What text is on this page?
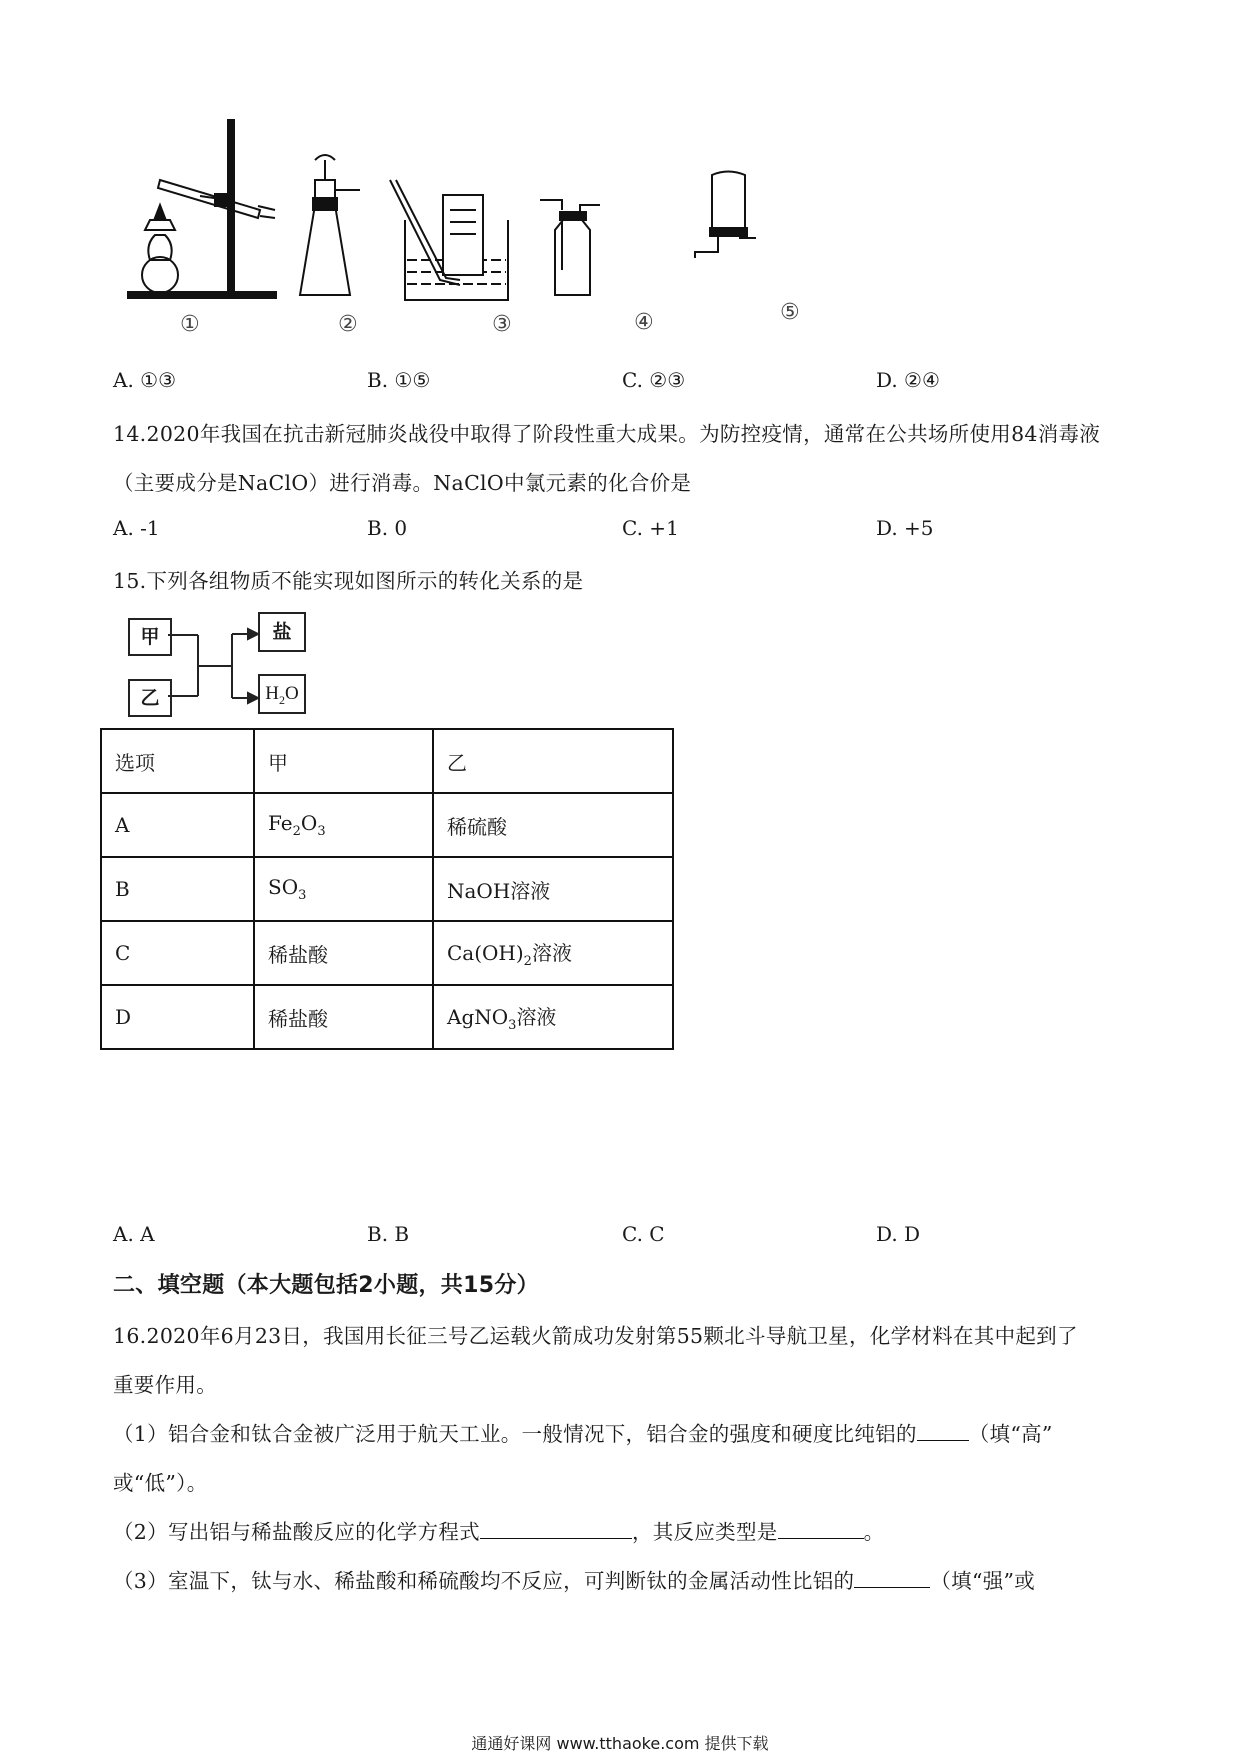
①	②	③	④	⑤
A. ①③	B. ①⑤	C. ②③	D. ②④
14.2020年我国在抗击新冠肺炎战役中取得了阶段性重大成果。为防控疫情，通常在公共场所使用84消毒液
（主要成分是NaClO）进行消毒。NaClO中氯元素的化合价是
A. -1	B. 0	C. +1	D. +5
15.下列各组物质不能实现如图所示的转化关系的是
甲
乙
盐
$H_2O$
选项	甲	乙
A	$Fe_2O_3$	稀硫酸
B	$SO_3$	NaOH溶液
C	稀盐酸	$Ca(OH)_2$溶液
D	稀盐酸	AgNO$_3$溶液
A. A	B. B	C. C	D. D
二、填空题（本大题包括2小题，共15分）
16.2020年6月23日，我国用长征三号乙运载火箭成功发射第55颗北斗导航卫星，化学材料在其中起到了
重要作用。
（1）铝合金和钛合金被广泛用于航天工业。一般情况下，铝合金的强度和硬度比纯铝的	（填“高”
或“低”）。
（2）写出铝与稀盐酸反应的化学方程式	，其反应类型是	。
（3）室温下，钛与水、稀盐酸和稀硫酸均不反应，可判断钛的金属活动性比铝的	（填“强”或
通通好课网 www.tthaoke.com 提供下载
